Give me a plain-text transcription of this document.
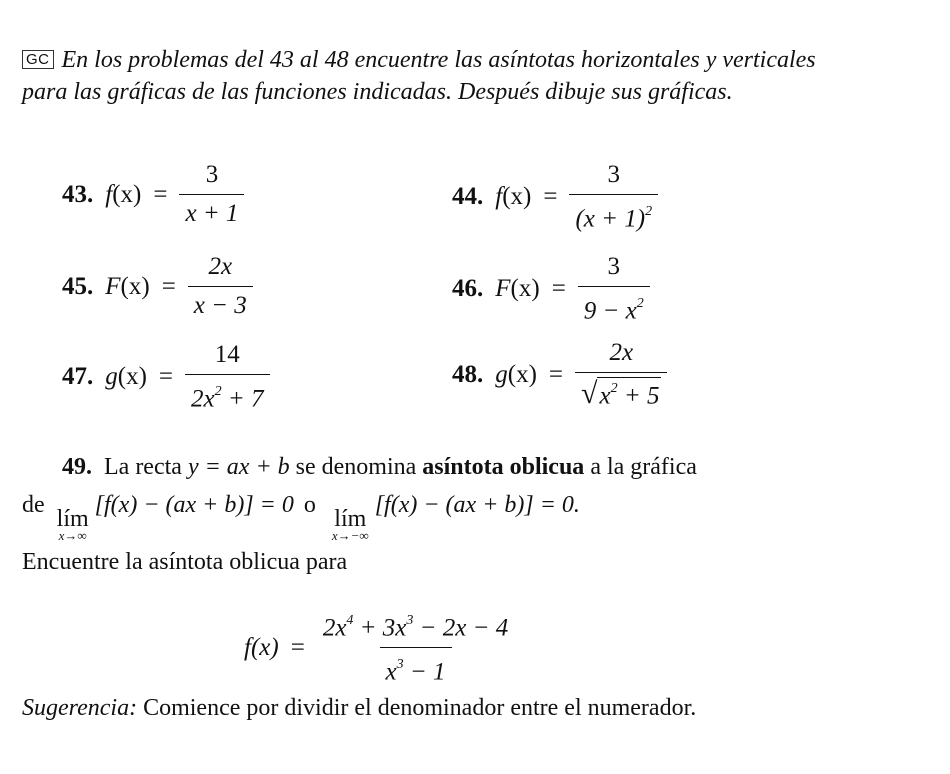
GC En los problemas del 43 al 48 encuentre las asíntotas horizontales y verticales para las gráficas de las funciones indicadas. Después dibuje sus gráficas.
43. f $(x) = \frac{3}{x + 1}$	44. f $(x) = \frac{3}{(x + 1)^2}$
45. F $(x) = \frac{2x}{x - 3}$	46. F $(x) = \frac{3}{9 - x^2}$
47. g $(x) = \frac{14}{2x^2 + 7}$	48. g $(x) = \frac{2x}{√ x^2 + 5}$
49. La recta y = ax + b se denomina asíntota oblicua a la gráfica
de
lím
x→∞
[f(x) − (ax + b)] = 0 o
lím
x→−∞
[f(x) − (ax + b)] = 0.
Encuentre la asíntota oblicua para
$f(x) = \frac{2x^4 + 3x^3 - 2x - 4}{x^3 - 1}$
Sugerencia: Comience por dividir el denominador entre el numerador.
